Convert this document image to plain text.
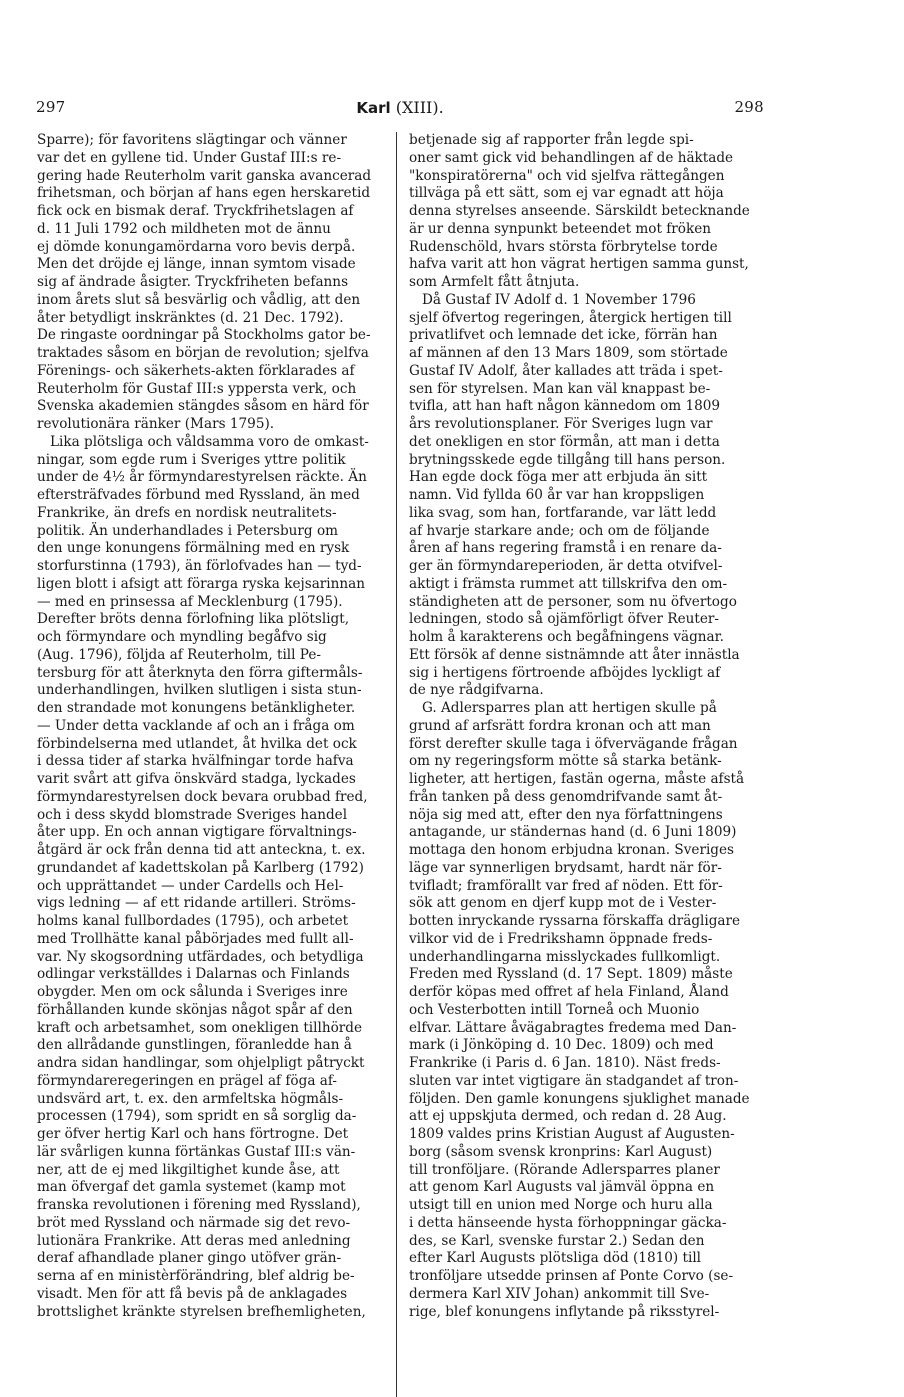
297	Karl (XIII).	298
Sparre); för favoritens slägtingar och vänner
var det en gyllene tid. Under Gustaf III:s re-
gering hade Reuterholm varit ganska avancerad
frihetsman, och början af hans egen herskaretid
fick ock en bismak deraf. Tryckfrihetslagen af
d. 11 Juli 1792 och mildheten mot de ännu
ej dömde konungamördarna voro bevis derpå.
Men det dröjde ej länge, innan symtom visade
sig af ändrade åsigter. Tryckfriheten befanns
inom årets slut så besvärlig och vådlig, att den
åter betydligt inskränktes (d. 21 Dec. 1792).
De ringaste oordningar på Stockholms gator be-
traktades såsom en början de revolution; sjelfva
Förenings- och säkerhets-akten förklarades af
Reuterholm för Gustaf III:s yppersta verk, och
Svenska akademien stängdes såsom en härd för
revolutionära ränker (Mars 1795).
Lika plötsliga och våldsamma voro de omkast-
ningar, som egde rum i Sveriges yttre politik
under de 4½ år förmyndarestyrelsen räckte. Än
eftersträfvades förbund med Ryssland, än med
Frankrike, än drefs en nordisk neutralitets-
politik. Än underhandlades i Petersburg om
den unge konungens förmälning med en rysk
storfurstinna (1793), än förlofvades han — tyd-
ligen blott i afsigt att förarga ryska kejsarinnan
— med en prinsessa af Mecklenburg (1795).
Derefter bröts denna förlofning lika plötsligt,
och förmyndare och myndling begåfvo sig
(Aug. 1796), följda af Reuterholm, till Pe-
tersburg för att återknyta den förra giftermåls-
underhandlingen, hvilken slutligen i sista stun-
den strandade mot konungens betänkligheter.
— Under detta vacklande af och an i fråga om
förbindelserna med utlandet, åt hvilka det ock
i dessa tider af starka hvälfningar torde hafva
varit svårt att gifva önskvärd stadga, lyckades
förmyndarestyrelsen dock bevara orubbad fred,
och i dess skydd blomstrade Sveriges handel
åter upp. En och annan vigtigare förvaltnings-
åtgärd är ock från denna tid att anteckna, t. ex.
grundandet af kadettskolan på Karlberg (1792)
och upprättandet — under Cardells och Hel-
vigs ledning — af ett ridande artilleri. Ströms-
holms kanal fullbordades (1795), och arbetet
med Trollhätte kanal påbörjades med fullt all-
var. Ny skogsordning utfärdades, och betydliga
odlingar verkställdes i Dalarnas och Finlands
obygder. Men om ock sålunda i Sveriges inre
förhållanden kunde skönjas något spår af den
kraft och arbetsamhet, som onekligen tillhörde
den allrådande gunstlingen, föranledde han å
andra sidan handlingar, som ohjelpligt påtryckt
förmyndareregeringen en prägel af föga af-
undsvärd art, t. ex. den armfeltska högmåls-
processen (1794), som spridt en så sorglig da-
ger öfver hertig Karl och hans förtrogne. Det
lär svårligen kunna förtänkas Gustaf III:s vän-
ner, att de ej med likgiltighet kunde åse, att
man öfvergaf det gamla systemet (kamp mot
franska revolutionen i förening med Ryssland),
bröt med Ryssland och närmade sig det revo-
lutionära Frankrike. Att deras med anledning
deraf afhandlade planer gingo utöfver grän-
serna af en ministèrförändring, blef aldrig be-
visadt. Men för att få bevis på de anklagades
brottslighet kränkte styrelsen brefhemligheten,
betjenade sig af rapporter från legde spi-
oner samt gick vid behandlingen af de häktade
"konspiratörerna" och vid sjelfva rättegången
tillväga på ett sätt, som ej var egnadt att höja
denna styrelses anseende. Särskildt betecknande
är ur denna synpunkt beteendet mot fröken
Rudenschöld, hvars största förbrytelse torde
hafva varit att hon vägrat hertigen samma gunst,
som Armfelt fått åtnjuta.
Då Gustaf IV Adolf d. 1 November 1796
sjelf öfvertog regeringen, återgick hertigen till
privatlifvet och lemnade det icke, förrän han
af männen af den 13 Mars 1809, som störtade
Gustaf IV Adolf, åter kallades att träda i spet-
sen för styrelsen. Man kan väl knappast be-
tvifla, att han haft någon kännedom om 1809
års revolutionsplaner. För Sveriges lugn var
det onekligen en stor förmån, att man i detta
brytningsskede egde tillgång till hans person.
Han egde dock föga mer att erbjuda än sitt
namn. Vid fyllda 60 år var han kroppsligen
lika svag, som han, fortfarande, var lätt ledd
af hvarje starkare ande; och om de följande
åren af hans regering framstå i en renare da-
ger än förmyndareperioden, är detta otvifvel-
aktigt i främsta rummet att tillskrifva den om-
ständigheten att de personer, som nu öfvertogo
ledningen, stodo så ojämförligt öfver Reuter-
holm å karakterens och begåfningens vägnar.
Ett försök af denne sistnämnde att åter innästla
sig i hertigens förtroende afböjdes lyckligt af
de nye rådgifvarna.
G. Adlersparres plan att hertigen skulle på
grund af arfsrätt fordra kronan och att man
först derefter skulle taga i öfvervägande frågan
om ny regeringsform mötte så starka betänk-
ligheter, att hertigen, fastän ogerna, måste afstå
från tanken på dess genomdrifvande samt åt-
nöja sig med att, efter den nya författningens
antagande, ur ständernas hand (d. 6 Juni 1809)
mottaga den honom erbjudna kronan. Sveriges
läge var synnerligen brydsamt, hardt när för-
tvifladt; framförallt var fred af nöden. Ett för-
sök att genom en djerf kupp mot de i Vester-
botten inryckande ryssarna förskaffa drägligare
vilkor vid de i Fredrikshamn öppnade freds-
underhandlingarna misslyckades fullkomligt.
Freden med Ryssland (d. 17 Sept. 1809) måste
derför köpas med offret af hela Finland, Åland
och Vesterbotten intill Torneå och Muonio
elfvar. Lättare åvägabragtes fredema med Dan-
mark (i Jönköping d. 10 Dec. 1809) och med
Frankrike (i Paris d. 6 Jan. 1810). Näst freds-
sluten var intet vigtigare än stadgandet af tron-
följden. Den gamle konungens sjuklighet manade
att ej uppskjuta dermed, och redan d. 28 Aug.
1809 valdes prins Kristian August af Augusten-
borg (såsom svensk kronprins: Karl August)
till tronföljare. (Rörande Adlersparres planer
att genom Karl Augusts val jämväl öppna en
utsigt till en union med Norge och huru alla
i detta hänseende hysta förhoppningar gäcka-
des, se Karl, svenske furstar 2.) Sedan den
efter Karl Augusts plötsliga död (1810) till
tronföljare utsedde prinsen af Ponte Corvo (se-
dermera Karl XIV Johan) ankommit till Sve-
rige, blef konungens inflytande på riksstyrel-
